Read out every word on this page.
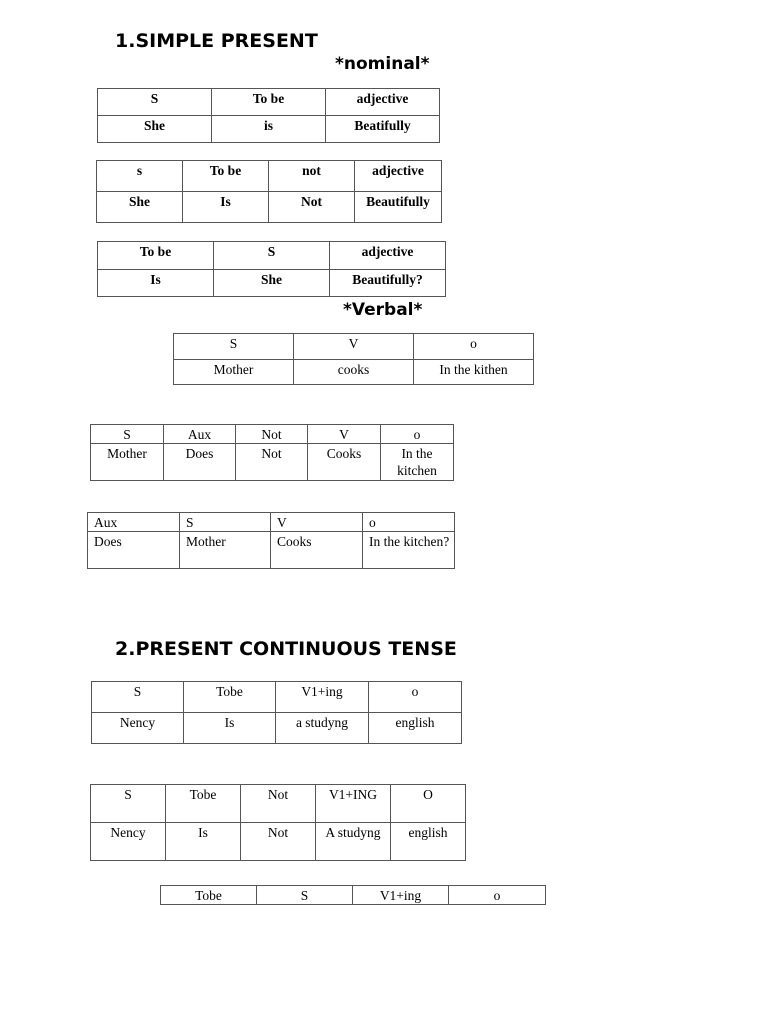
1.SIMPLE PRESENT
*nominal*
S	To be	adjective
She	is	Beatifully
s	To be	not	adjective
She	Is	Not	Beautifully
To be	S	adjective
Is	She	Beautifully?
*Verbal*
S	V	o
Mother	cooks	In the kithen
S	Aux	Not	V	o
Mother	Does	Not	Cooks	In the kitchen
Aux	S	V	o
Does	Mother	Cooks	In the kitchen?
2.PRESENT CONTINUOUS TENSE
S	Tobe	V1+ing	o
Nency	Is	a studyng	english
S	Tobe	Not	V1+ING	O
Nency	Is	Not	A studyng	english
Tobe	S	V1+ing	o
